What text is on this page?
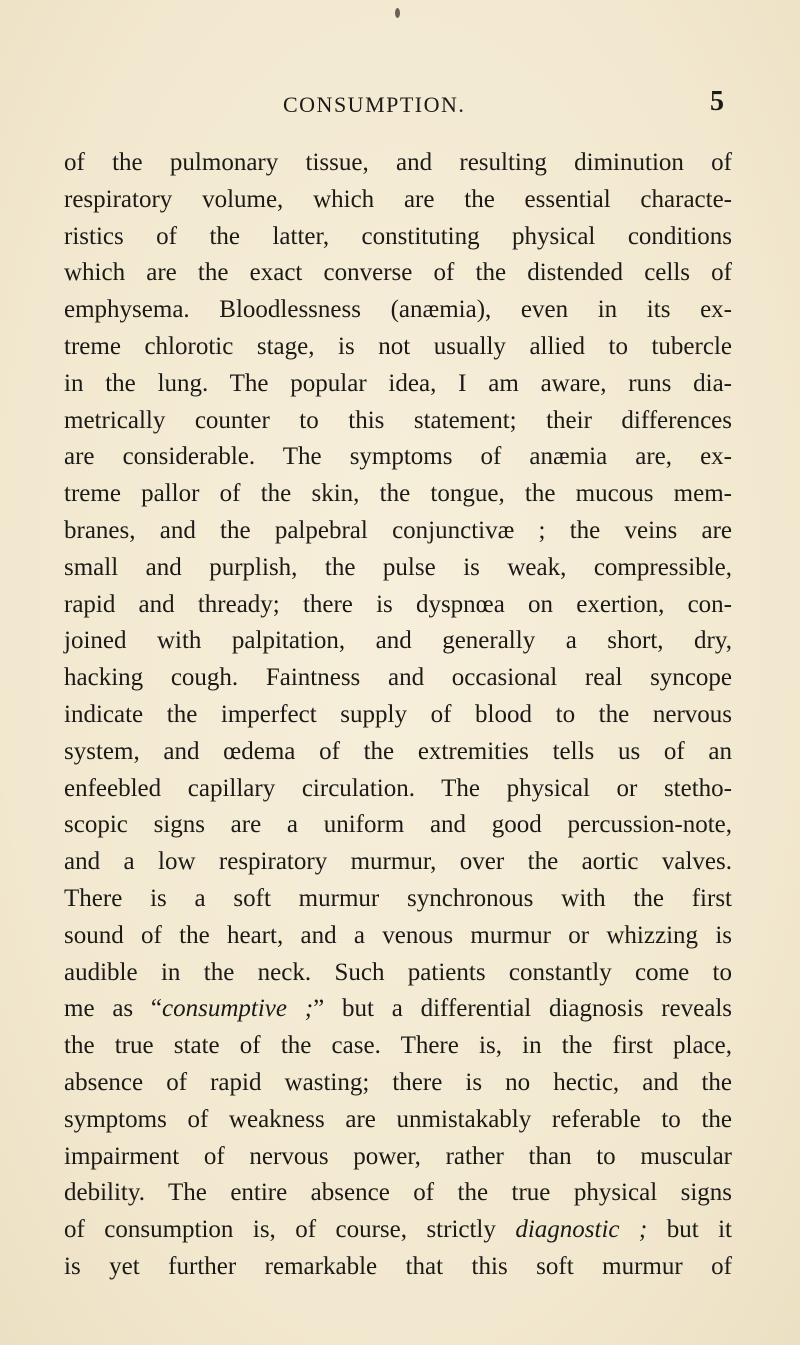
CONSUMPTION.	5
of the pulmonary tissue, and resulting diminution of
respiratory volume, which are the essential characte-
ristics of the latter, constituting physical conditions
which are the exact converse of the distended cells of
emphysema. Bloodlessness (anæmia), even in its ex-
treme chlorotic stage, is not usually allied to tubercle
in the lung. The popular idea, I am aware, runs dia-
metrically counter to this statement; their differences
are considerable. The symptoms of anæmia are, ex-
treme pallor of the skin, the tongue, the mucous mem-
branes, and the palpebral conjunctivæ ; the veins are
small and purplish, the pulse is weak, compressible,
rapid and thready; there is dyspnœa on exertion, con-
joined with palpitation, and generally a short, dry,
hacking cough. Faintness and occasional real syncope
indicate the imperfect supply of blood to the nervous
system, and œdema of the extremities tells us of an
enfeebled capillary circulation. The physical or stetho-
scopic signs are a uniform and good percussion-note,
and a low respiratory murmur, over the aortic valves.
There is a soft murmur synchronous with the first
sound of the heart, and a venous murmur or whizzing is
audible in the neck. Such patients constantly come to
me as “consumptive ;” but a differential diagnosis reveals
the true state of the case. There is, in the first place,
absence of rapid wasting; there is no hectic, and the
symptoms of weakness are unmistakably referable to the
impairment of nervous power, rather than to muscular
debility. The entire absence of the true physical signs
of consumption is, of course, strictly diagnostic ; but it
is yet further remarkable that this soft murmur of
